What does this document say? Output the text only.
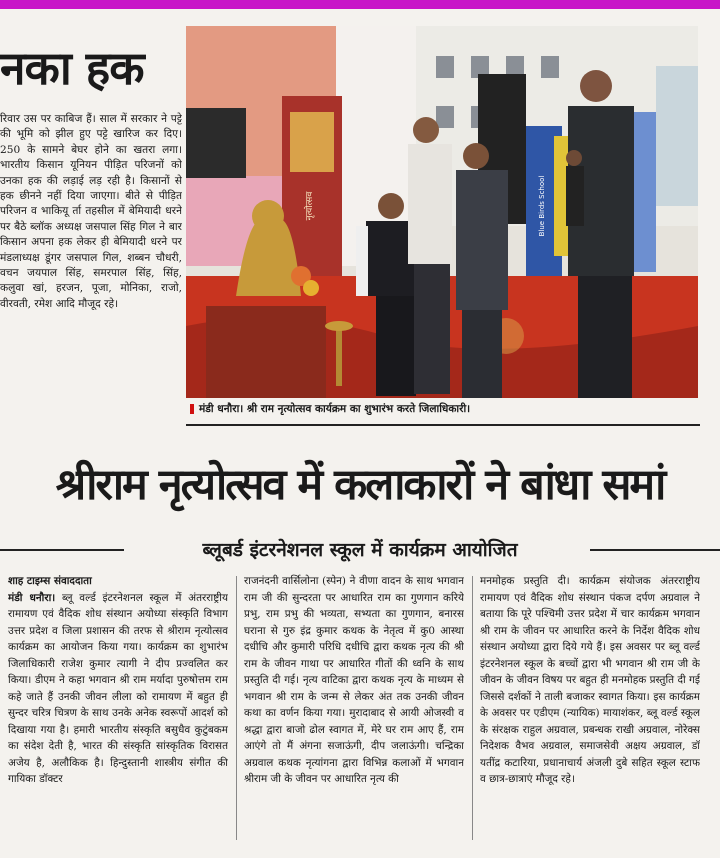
नका हक
रिवार उस पर काबिज हैं। साल में सरकार ने पट्टे की भूमि को झील हुए पट्टे खारिज कर दिए। 250 के सामने बेघर होने का खतरा लगा। भारतीय किसान यूनियन पीड़ित परिजनों को उनका हक की लड़ाई लड़ रही है। किसानों से हक छीनने नहीं दिया जाएगा। बीते से पीड़ित परिजन व भाकियू र्ता तहसील में बेमियादी धरने पर बैठे ब्लॉक अध्यक्ष जसपाल सिंह गिल ने बार किसान अपना हक लेकर ही बेमियादी धरने पर मंडलाध्यक्ष डूंगर जसपाल गिल, शब्बन चौधरी, वचन जयपाल सिंह, समरपाल सिंह, सिंह, कलुवा खां, हरजन, पूजा, मोनिका, राजो, वीरवती, रमेश आदि मौजूद रहे।
नृत्योत्सव	Blue Birds School
मंडी धनौरा। श्री राम नृत्योत्सव कार्यक्रम का शुभारंभ करते जिलाधिकारी।
श्रीराम नृत्योत्सव में कलाकारों ने बांधा समां
ब्लूबर्ड इंटरनेशनल स्कूल में कार्यक्रम आयोजित
शाह टाइम्स संवाददाता
मंडी धनौरा। ब्लू वर्ल्ड इंटरनेशनल स्कूल में अंतरराष्ट्रीय रामायण एवं वैदिक शोध संस्थान अयोध्या संस्कृति विभाग उत्तर प्रदेश व जिला प्रशासन की तरफ से श्रीराम नृत्योत्सव कार्यक्रम का आयोजन किया गया। कार्यक्रम का शुभारंभ जिलाधिकारी राजेश कुमार त्यागी ने दीप प्रज्वलित कर किया। डीएम ने कहा भगवान श्री राम मर्यादा पुरुषोत्तम राम कहे जाते हैं उनकी जीवन लीला को रामायण में बहुत ही सुन्दर चरित्र चित्रण के साथ उनके अनेक स्वरूपों आदर्श को दिखाया गया है। हमारी भारतीय संस्कृति बसुधैव कुटुंबकम का संदेश देती है, भारत की संस्कृति सांस्कृतिक विरासत अजेय है, अलौकिक है। हिन्दुस्तानी शास्त्रीय संगीत की गायिका डॉक्टर
राजनंदनी वार्सिलोना (स्पेन) ने वीणा वादन के साथ भगवान राम जी की सुन्दरता पर आधारित राम का गुणगान करिये प्रभु, राम प्रभु की भव्यता, सभ्यता का गुणगान, बनारस घराना से गुरु इंद्र कुमार कथक के नेतृत्व में कु0 आस्था दधीचि और कुमारी परिधि दधीचि द्वारा कथक नृत्य की श्री राम के जीवन गाथा पर आधारित गीतों की ध्वनि के साथ प्रस्तुति दी गई। नृत्य वाटिका द्वारा कथक नृत्य के माध्यम से भगवान श्री राम के जन्म से लेकर अंत तक उनकी जीवन कथा का वर्णन किया गया। मुरादाबाद से आयी ओजस्वी व श्रद्धा द्वारा बाजो ढोल स्वागत में, मेरे घर राम आए हैं, राम आएंगे तो मैं अंगना सजाऊंगी, दीप जलाऊंगी। चन्द्रिका अग्रवाल कथक नृत्यांगना द्वारा विभिन्न कलाओं में भगवान श्रीराम जी के जीवन पर आधारित नृत्य की
मनमोहक प्रस्तुति दी। कार्यक्रम संयोजक अंतरराष्ट्रीय रामायण एवं वैदिक शोध संस्थान पंकज दर्पण अग्रवाल ने बताया कि पूरे पश्चिमी उत्तर प्रदेश में चार कार्यक्रम भगवान श्री राम के जीवन पर आधारित करने के निर्देश वैदिक शोध संस्थान अयोध्या द्वारा दिये गये हैं। इस अवसर पर ब्लू वर्ल्ड इंटरनेशनल स्कूल के बच्चों द्वारा भी भगवान श्री राम जी के जीवन के जीवन विषय पर बहुत ही मनमोहक प्रस्तुति दी गई जिससे दर्शकों ने ताली बजाकर स्वागत किया। इस कार्यक्रम के अवसर पर एडीएम (न्यायिक) मायाशंकर, ब्लू वर्ल्ड स्कूल के संरक्षक राहुल अग्रवाल, प्रबन्धक राखी अग्रवाल, नोरेक्स निदेशक वैभव अग्रवाल, समाजसेवी अक्षय अग्रवाल, डॉ यतींद्र कटारिया, प्रधानाचार्य अंजली दुबे सहित स्कूल स्टाफ व छात्र-छात्राएं मौजूद रहे।
